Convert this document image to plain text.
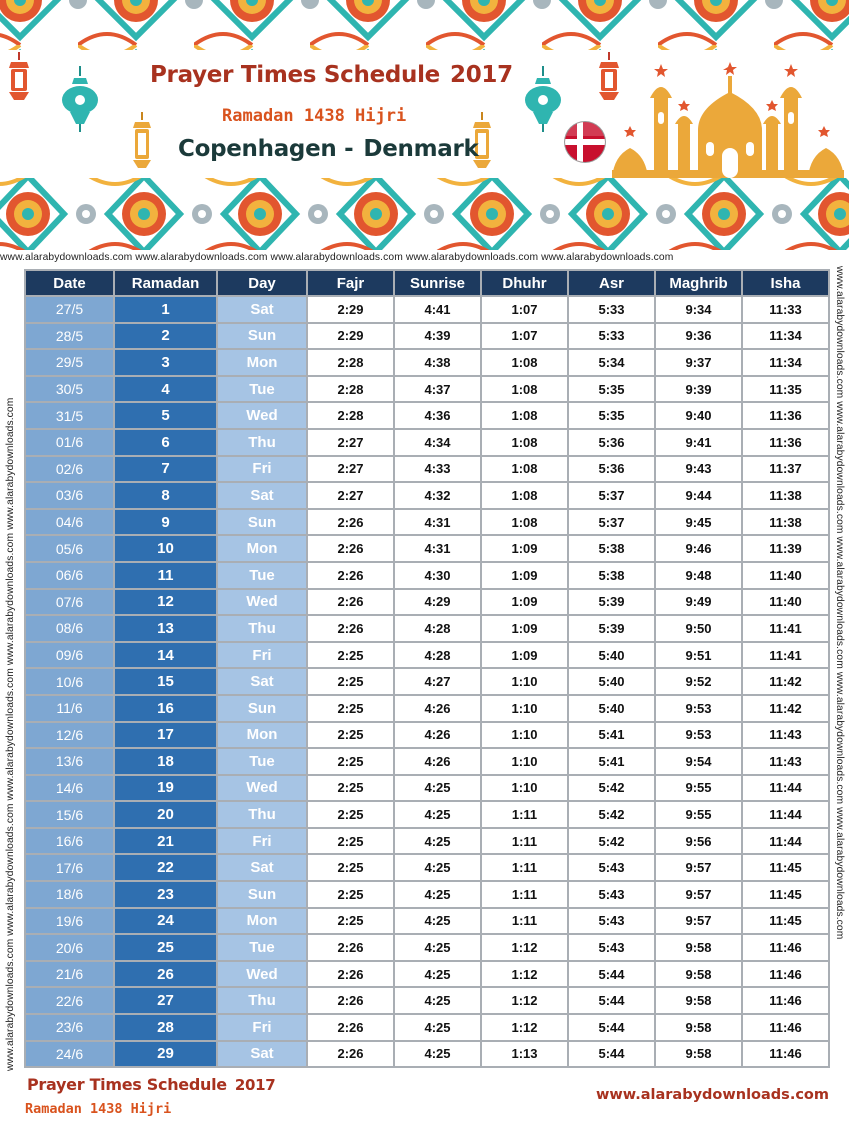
Prayer Times Schedule 2017

Ramadan 1438 Hijri

Copenhagen - Denmark

www.alarabydownloads.com www.alarabydownloads.com www.alarabydownloads.com www.alarabydownloads.com www.alarabydownloads.com
www.alarabydownloads.com www.alarabydownloads.com www.alarabydownloads.com www.alarabydownloads.com www.alarabydownloads.com	www.alarabydownloads.com www.alarabydownloads.com www.alarabydownloads.com www.alarabydownloads.com www.alarabydownloads.com
Date	Ramadan	Day	Fajr	Sunrise	Dhuhr	Asr	Maghrib	Isha
27/5	1	Sat	2:29	4:41	1:07	5:33	9:34	11:33
28/5	2	Sun	2:29	4:39	1:07	5:33	9:36	11:34
29/5	3	Mon	2:28	4:38	1:08	5:34	9:37	11:34
30/5	4	Tue	2:28	4:37	1:08	5:35	9:39	11:35
31/5	5	Wed	2:28	4:36	1:08	5:35	9:40	11:36
01/6	6	Thu	2:27	4:34	1:08	5:36	9:41	11:36
02/6	7	Fri	2:27	4:33	1:08	5:36	9:43	11:37
03/6	8	Sat	2:27	4:32	1:08	5:37	9:44	11:38
04/6	9	Sun	2:26	4:31	1:08	5:37	9:45	11:38
05/6	10	Mon	2:26	4:31	1:09	5:38	9:46	11:39
06/6	11	Tue	2:26	4:30	1:09	5:38	9:48	11:40
07/6	12	Wed	2:26	4:29	1:09	5:39	9:49	11:40
08/6	13	Thu	2:26	4:28	1:09	5:39	9:50	11:41
09/6	14	Fri	2:25	4:28	1:09	5:40	9:51	11:41
10/6	15	Sat	2:25	4:27	1:10	5:40	9:52	11:42
11/6	16	Sun	2:25	4:26	1:10	5:40	9:53	11:42
12/6	17	Mon	2:25	4:26	1:10	5:41	9:53	11:43
13/6	18	Tue	2:25	4:26	1:10	5:41	9:54	11:43
14/6	19	Wed	2:25	4:25	1:10	5:42	9:55	11:44
15/6	20	Thu	2:25	4:25	1:11	5:42	9:55	11:44
16/6	21	Fri	2:25	4:25	1:11	5:42	9:56	11:44
17/6	22	Sat	2:25	4:25	1:11	5:43	9:57	11:45
18/6	23	Sun	2:25	4:25	1:11	5:43	9:57	11:45
19/6	24	Mon	2:25	4:25	1:11	5:43	9:57	11:45
20/6	25	Tue	2:26	4:25	1:12	5:43	9:58	11:46
21/6	26	Wed	2:26	4:25	1:12	5:44	9:58	11:46
22/6	27	Thu	2:26	4:25	1:12	5:44	9:58	11:46
23/6	28	Fri	2:26	4:25	1:12	5:44	9:58	11:46
24/6	29	Sat	2:26	4:25	1:13	5:44	9:58	11:46

Prayer Times Schedule 2017

Ramadan 1438 Hijri

www.alarabydownloads.com
